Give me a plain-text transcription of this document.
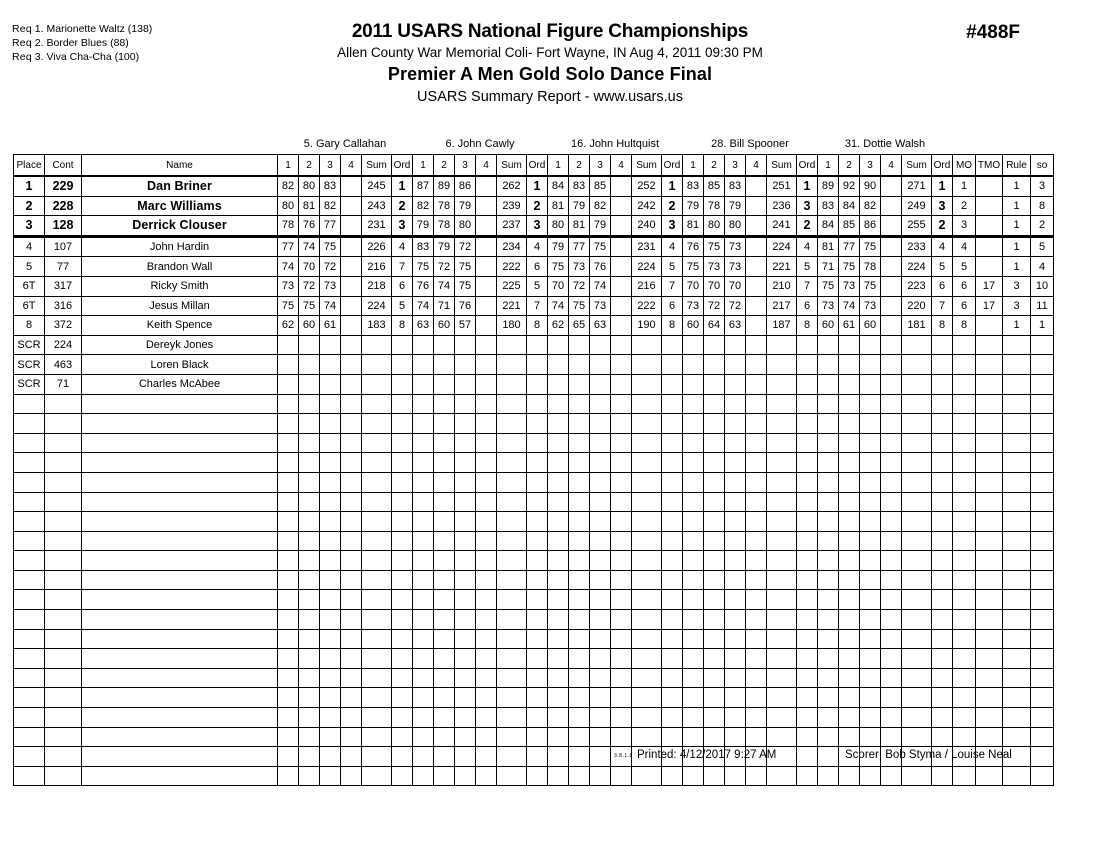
Req 1. Marionette Waltz (138)
Req 2. Border Blues (88)
Req 3. Viva Cha-Cha (100)
2011 USARS National Figure Championships
Allen County War Memorial Coli- Fort Wayne, IN Aug 4, 2011 09:30 PM
Premier A Men Gold Solo Dance Final
USARS Summary Report - www.usars.us
#488F
			5. Gary Callahan						6. John Cawly						16. John Hultquist						28. Bill Spooner						31. Dottie Walsh									
Place	Cont	Name	1	2	3	4	Sum	Ord	1	2	3	4	Sum	Ord	1	2	3	4	Sum	Ord	1	2	3	4	Sum	Ord	1	2	3	4	Sum	Ord	MO	TMO	Rule	so
1	229	Dan Briner	82	80	83		245	1	87	89	86		262	1	84	83	85		252	1	83	85	83		251	1	89	92	90		271	1	1		1	3
2	228	Marc Williams	80	81	82		243	2	82	78	79		239	2	81	79	82		242	2	79	78	79		236	3	83	84	82		249	3	2		1	8
3	128	Derrick Clouser	78	76	77		231	3	79	78	80		237	3	80	81	79		240	3	81	80	80		241	2	84	85	86		255	2	3		1	2
4	107	John Hardin	77	74	75		226	4	83	79	72		234	4	79	77	75		231	4	76	75	73		224	4	81	77	75		233	4	4		1	5
5	77	Brandon Wall	74	70	72		216	7	75	72	75		222	6	75	73	76		224	5	75	73	73		221	5	71	75	78		224	5	5		1	4
6T	317	Ricky Smith	73	72	73		218	6	76	74	75		225	5	70	72	74		216	7	70	70	70		210	7	75	73	75		223	6	6	17	3	10
6T	316	Jesus Millan	75	75	74		224	5	74	71	76		221	7	74	75	73		222	6	73	72	72		217	6	73	74	73		220	7	6	17	3	11
8	372	Keith Spence	62	60	61		183	8	63	60	57		180	8	62	65	63		190	8	60	64	63		187	8	60	61	60		181	8	8		1	1
SCR	224	Dereyk Jones																																		
SCR	463	Loren Black																																		
SCR	71	Charles McAbee																																		

3.8.1.8 Printed: 4/12/2017 9:27 AM	Scorer: Bob Styma / Louise Neal
